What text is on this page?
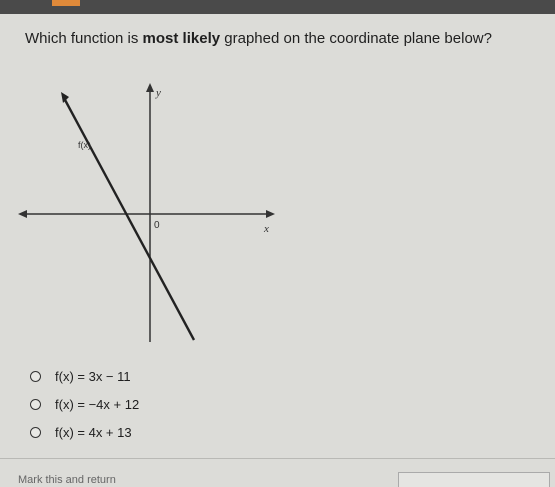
Which function is most likely graphed on the coordinate plane below?
y
x
0
f(x)
f(x) = 3x − 11
f(x) = −4x + 12
f(x) = 4x + 13
Mark this and return
